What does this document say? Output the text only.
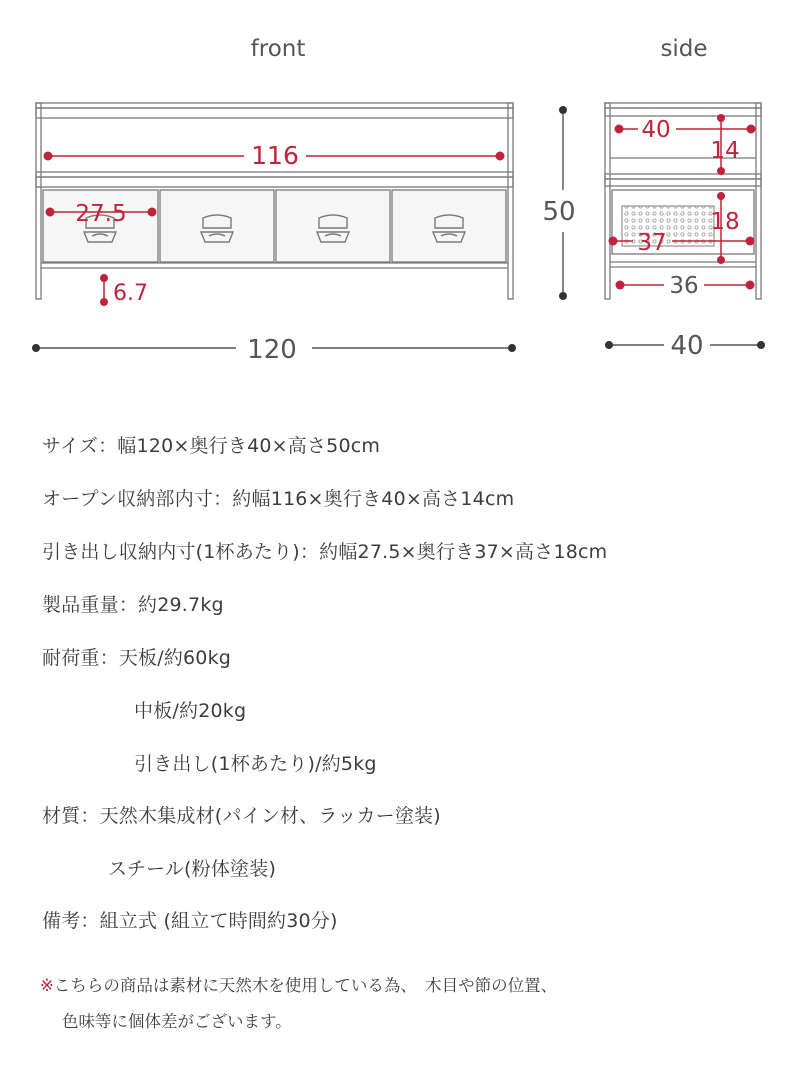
front	side
116
27.5
6.7
50
120
40
14
18
37
36
40
サイズ：幅120×奥行き40×高さ50cm
オープン収納部内寸：約幅116×奥行き40×高さ14cm
引き出し収納内寸(1杯あたり)：約幅27.5×奥行き37×高さ18cm
製品重量：約29.7kg
耐荷重：天板/約60kg
中板/約20kg
引き出し(1杯あたり)/約5kg
材質：天然木集成材(パイン材、ラッカー塗装)
スチール(粉体塗装)
備考：組立式 (組立て時間約30分)
※こちらの商品は素材に天然木を使用している為、　木目や節の位置、
色味等に個体差がございます。
